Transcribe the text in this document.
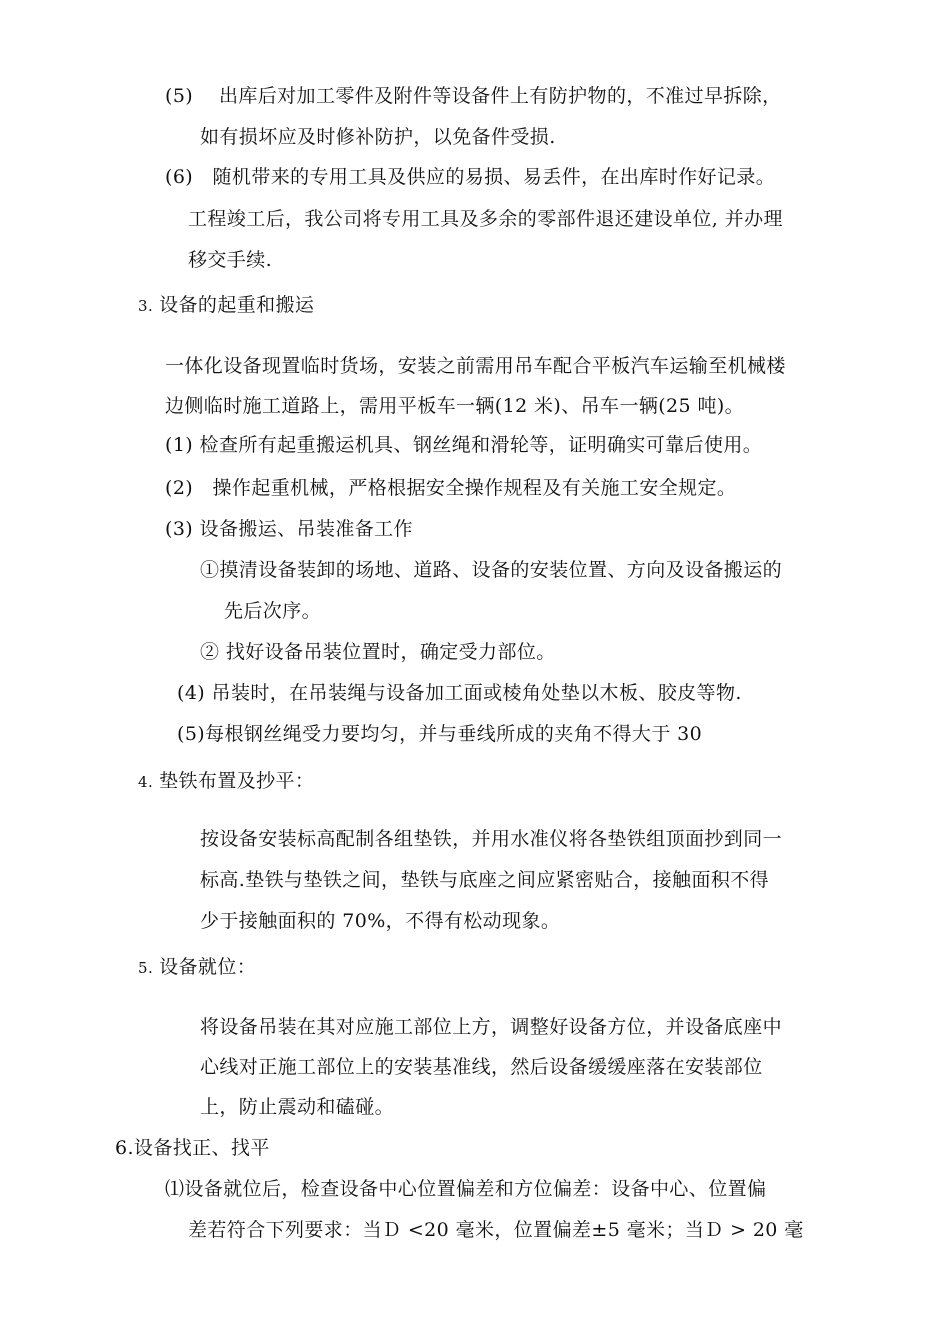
(5)　 出库后对加工零件及附件等设备件上有防护物的，不准过早拆除，
如有损坏应及时修补防护，以免备件受损.
(6)　随机带来的专用工具及供应的易损、易丢件，在出库时作好记录。
工程竣工后，我公司将专用工具及多余的零部件退还建设单位, 并办理
移交手续.
3. 设备的起重和搬运
一体化设备现置临时货场，安装之前需用吊车配合平板汽车运输至机械楼
边侧临时施工道路上，需用平板车一辆(12 米)、吊车一辆(25 吨)。
(1) 检查所有起重搬运机具、钢丝绳和滑轮等，证明确实可靠后使用。
(2)　操作起重机械，严格根据安全操作规程及有关施工安全规定。
(3) 设备搬运、吊装准备工作
①摸清设备装卸的场地、道路、设备的安装位置、方向及设备搬运的
先后次序。
② 找好设备吊装位置时，确定受力部位。
(4) 吊装时，在吊装绳与设备加工面或棱角处垫以木板、胶皮等物.
(5)每根钢丝绳受力要均匀，并与垂线所成的夹角不得大于 30
4. 垫铁布置及抄平：
按设备安装标高配制各组垫铁，并用水准仪将各垫铁组顶面抄到同一
标高.垫铁与垫铁之间，垫铁与底座之间应紧密贴合，接触面积不得
少于接触面积的 70%，不得有松动现象。
5. 设备就位：
将设备吊装在其对应施工部位上方，调整好设备方位，并设备底座中
心线对正施工部位上的安装基准线，然后设备缓缓座落在安装部位
上，防止震动和磕碰。
6.设备找正、找平
⑴设备就位后，检查设备中心位置偏差和方位偏差：设备中心、位置偏
差若符合下列要求：当Ｄ <20 毫米，位置偏差±5 毫米；当Ｄ > 20 毫
